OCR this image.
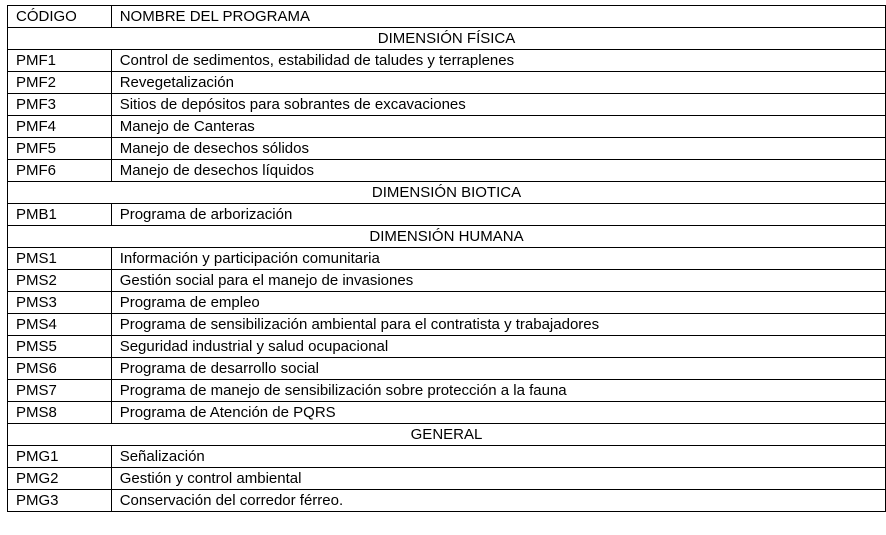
CÓDIGO	NOMBRE DEL PROGRAMA
DIMENSIÓN FÍSICA	
PMF1	Control de sedimentos, estabilidad de taludes y terraplenes
PMF2	Revegetalización
PMF3	Sitios de depósitos para sobrantes de excavaciones
PMF4	Manejo de Canteras
PMF5	Manejo de desechos sólidos
PMF6	Manejo de desechos líquidos
DIMENSIÓN BIOTICA	
PMB1	Programa de arborización
DIMENSIÓN HUMANA	
PMS1	Información y participación comunitaria
PMS2	Gestión social para el manejo de invasiones
PMS3	Programa de empleo
PMS4	Programa de sensibilización ambiental para el contratista y trabajadores
PMS5	Seguridad industrial y salud ocupacional
PMS6	Programa de desarrollo social
PMS7	Programa de manejo de sensibilización sobre protección a la fauna
PMS8	Programa de Atención de PQRS
GENERAL	
PMG1	Señalización
PMG2	Gestión y control ambiental
PMG3	Conservación del corredor férreo.
